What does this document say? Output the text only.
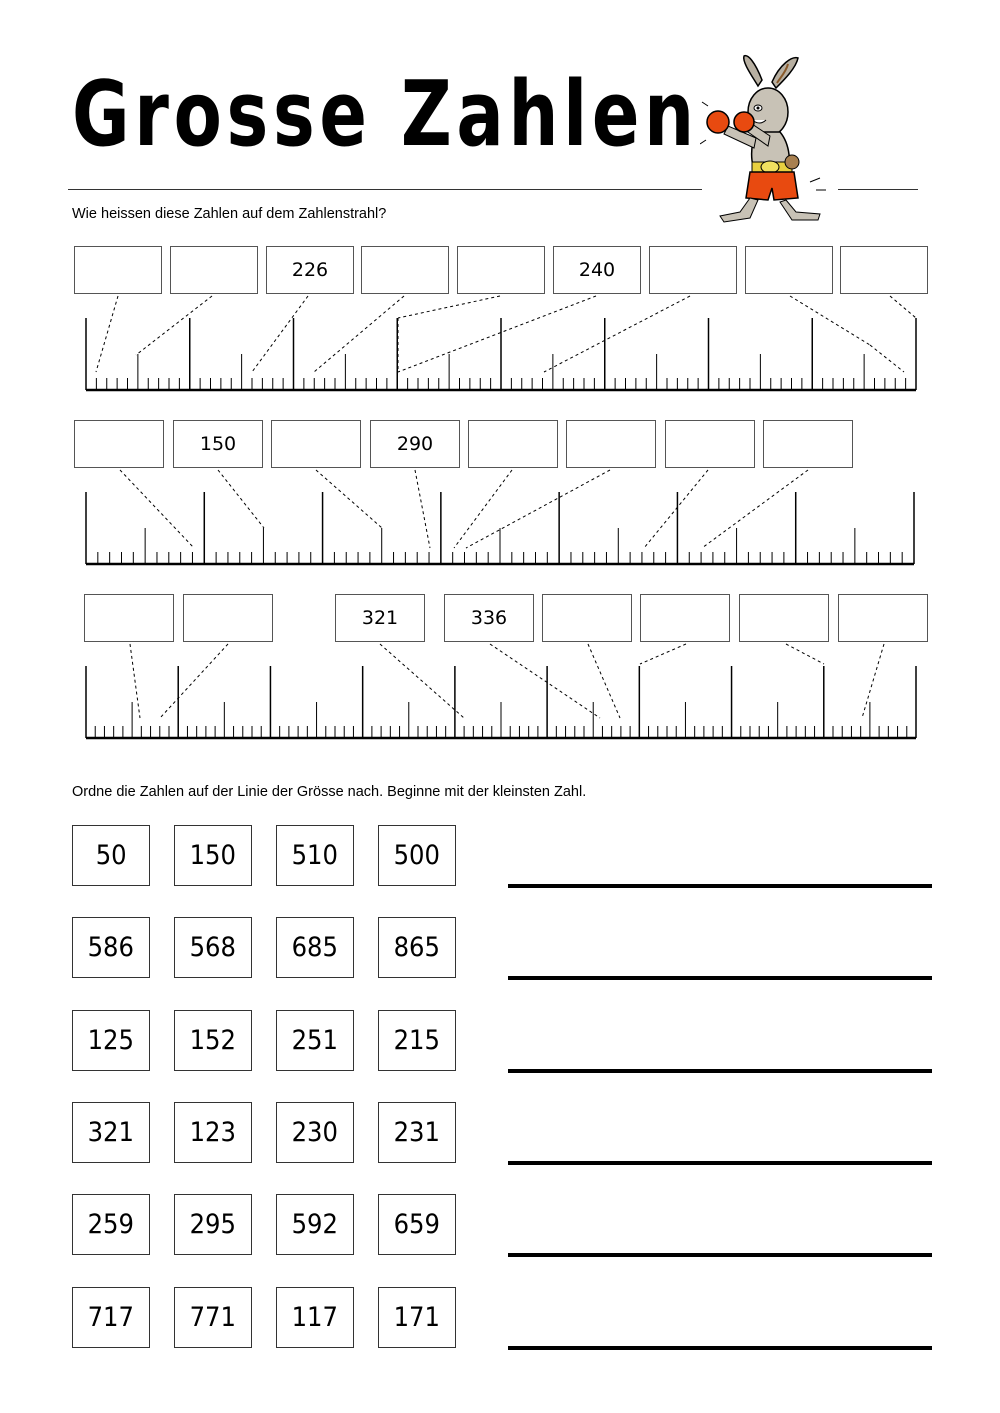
Grosse Zahlen
Wie heissen diese Zahlen auf dem Zahlenstrahl?
226	240
150	290
321	336
Ordne die Zahlen auf der Linie der Grösse nach. Beginne mit der kleinsten Zahl.
50 150 510 500
586 568 685 865
125 152 251 215
321 123 230 231
259 295 592 659
717 771 117 171
